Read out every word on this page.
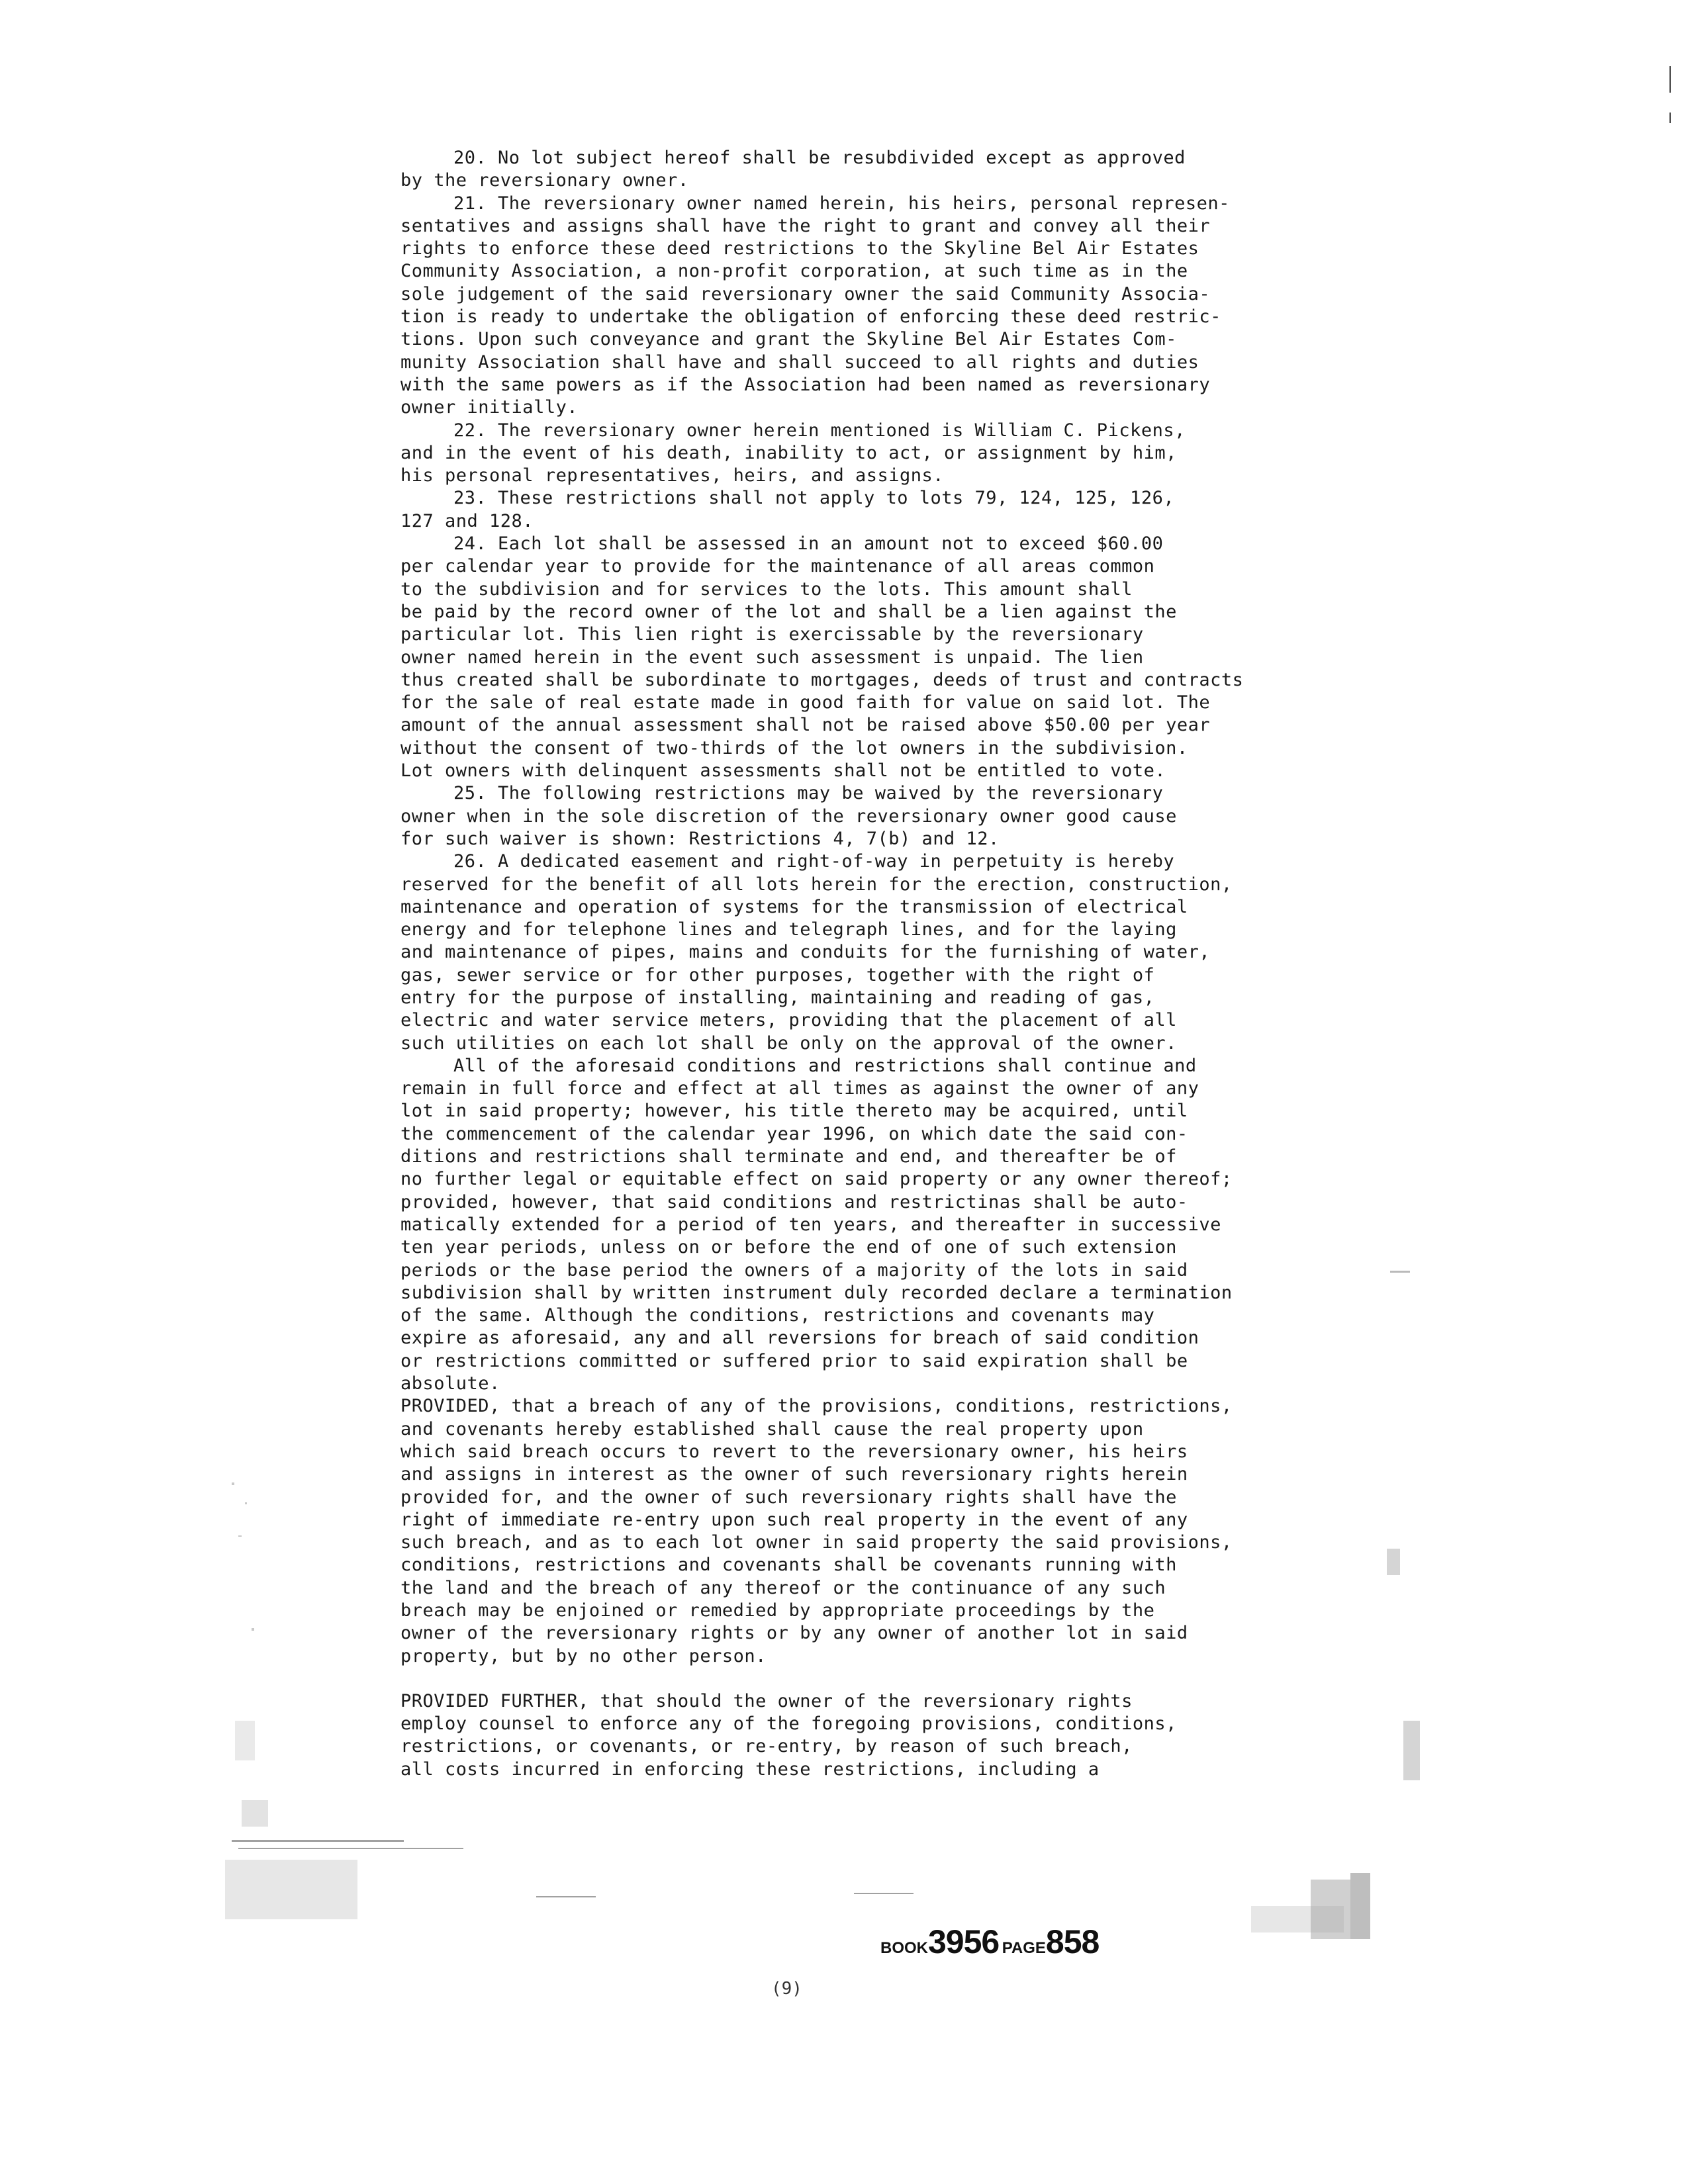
20. No lot subject hereof shall be resubdivided except as approved

by the reversionary owner.

21. The reversionary owner named herein, his heirs, personal represen-

sentatives and assigns shall have the right to grant and convey all their

rights to enforce these deed restrictions to the Skyline Bel Air Estates

Community Association, a non-profit corporation, at such time as in the

sole judgement of the said reversionary owner the said Community Associa-

tion is ready to undertake the obligation of enforcing these deed restric-

tions. Upon such conveyance and grant the Skyline Bel Air Estates Com-

munity Association shall have and shall succeed to all rights and duties

with the same powers as if the Association had been named as reversionary

owner initially.

22. The reversionary owner herein mentioned is William C. Pickens,

and in the event of his death, inability to act, or assignment by him,

his personal representatives, heirs, and assigns.

23. These restrictions shall not apply to lots 79, 124, 125, 126,

127 and 128.

24. Each lot shall be assessed in an amount not to exceed $60.00

per calendar year to provide for the maintenance of all areas common

to the subdivision and for services to the lots. This amount shall

be paid by the record owner of the lot and shall be a lien against the

particular lot. This lien right is exercissable by the reversionary

owner named herein in the event such assessment is unpaid. The lien

thus created shall be subordinate to mortgages, deeds of trust and contracts

for the sale of real estate made in good faith for value on said lot. The

amount of the annual assessment shall not be raised above $50.00 per year

without the consent of two-thirds of the lot owners in the subdivision.

Lot owners with delinquent assessments shall not be entitled to vote.

25. The following restrictions may be waived by the reversionary

owner when in the sole discretion of the reversionary owner good cause

for such waiver is shown: Restrictions 4, 7(b) and 12.

26. A dedicated easement and right-of-way in perpetuity is hereby

reserved for the benefit of all lots herein for the erection, construction,

maintenance and operation of systems for the transmission of electrical

energy and for telephone lines and telegraph lines, and for the laying

and maintenance of pipes, mains and conduits for the furnishing of water,

gas, sewer service or for other purposes, together with the right of

entry for the purpose of installing, maintaining and reading of gas,

electric and water service meters, providing that the placement of all

such utilities on each lot shall be only on the approval of the owner.

All of the aforesaid conditions and restrictions shall continue and

remain in full force and effect at all times as against the owner of any

lot in said property; however, his title thereto may be acquired, until

the commencement of the calendar year 1996, on which date the said con-

ditions and restrictions shall terminate and end, and thereafter be of

no further legal or equitable effect on said property or any owner thereof;

provided, however, that said conditions and restrictinas shall be auto-

matically extended for a period of ten years, and thereafter in successive

ten year periods, unless on or before the end of one of such extension

periods or the base period the owners of a majority of the lots in said

subdivision shall by written instrument duly recorded declare a termination

of the same. Although the conditions, restrictions and covenants may

expire as aforesaid, any and all reversions for breach of said condition

or restrictions committed or suffered prior to said expiration shall be

absolute.

PROVIDED, that a breach of any of the provisions, conditions, restrictions,

and covenants hereby established shall cause the real property upon

which said breach occurs to revert to the reversionary owner, his heirs

and assigns in interest as the owner of such reversionary rights herein

provided for, and the owner of such reversionary rights shall have the

right of immediate re-entry upon such real property in the event of any

such breach, and as to each lot owner in said property the said provisions,

conditions, restrictions and covenants shall be covenants running with

the land and the breach of any thereof or the continuance of any such

breach may be enjoined or remedied by appropriate proceedings by the

owner of the reversionary rights or by any owner of another lot in said

property, but by no other person.

PROVIDED FURTHER, that should the owner of the reversionary rights

employ counsel to enforce any of the foregoing provisions, conditions,

restrictions, or covenants, or re-entry, by reason of such breach,

all costs incurred in enforcing these restrictions, including a

BOOK3956 PAGE858
(9)
